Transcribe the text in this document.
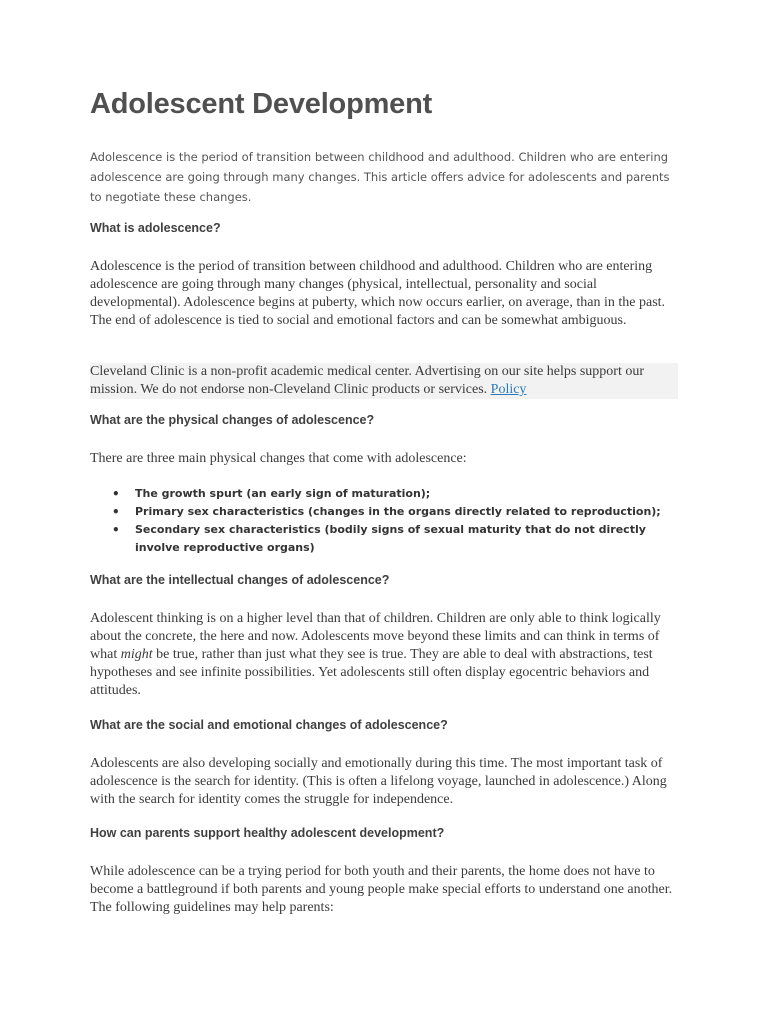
Adolescent Development

Adolescence is the period of transition between childhood and adulthood. Children who are entering adolescence are going through many changes. This article offers advice for adolescents and parents to negotiate these changes.

What is adolescence?

Adolescence is the period of transition between childhood and adulthood. Children who are entering adolescence are going through many changes (physical, intellectual, personality and social developmental). Adolescence begins at puberty, which now occurs earlier, on average, than in the past. The end of adolescence is tied to social and emotional factors and can be somewhat ambiguous.

Cleveland Clinic is a non-profit academic medical center. Advertising on our site helps support our mission. We do not endorse non-Cleveland Clinic products or services. Policy

What are the physical changes of adolescence?

There are three main physical changes that come with adolescence:

• The growth spurt (an early sign of maturation);
• Primary sex characteristics (changes in the organs directly related to reproduction);
• Secondary sex characteristics (bodily signs of sexual maturity that do not directly involve reproductive organs)
What are the intellectual changes of adolescence?

Adolescent thinking is on a higher level than that of children. Children are only able to think logically about the concrete, the here and now. Adolescents move beyond these limits and can think in terms of what might be true, rather than just what they see is true. They are able to deal with abstractions, test hypotheses and see infinite possibilities. Yet adolescents still often display egocentric behaviors and attitudes.

What are the social and emotional changes of adolescence?

Adolescents are also developing socially and emotionally during this time. The most important task of adolescence is the search for identity. (This is often a lifelong voyage, launched in adolescence.) Along with the search for identity comes the struggle for independence.

How can parents support healthy adolescent development?

While adolescence can be a trying period for both youth and their parents, the home does not have to become a battleground if both parents and young people make special efforts to understand one another. The following guidelines may help parents:
